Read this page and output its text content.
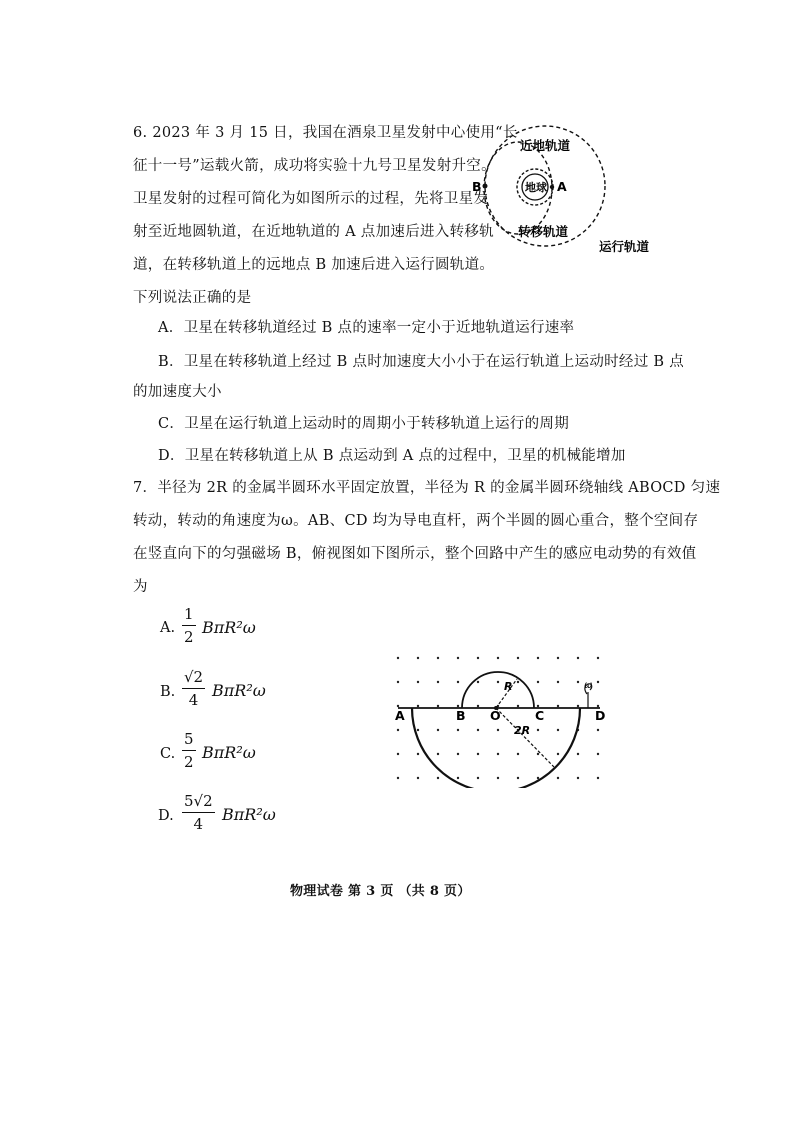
6. 2023 年 3 月 15 日，我国在酒泉卫星发射中心使用“长
征十一号”运载火箭，成功将实验十九号卫星发射升空。
卫星发射的过程可简化为如图所示的过程，先将卫星发
射至近地圆轨道，在近地轨道的 A 点加速后进入转移轨
道，在转移轨道上的远地点 B 加速后进入运行圆轨道。
下列说法正确的是
A．卫星在转移轨道经过 B 点的速率一定小于近地轨道运行速率
B．卫星在转移轨道上经过 B 点时加速度大小小于在运行轨道上运动时经过 B 点
的加速度大小
C．卫星在运行轨道上运动时的周期小于转移轨道上运行的周期
D．卫星在转移轨道上从 B 点运动到 A 点的过程中，卫星的机械能增加
近地轨道
地球 A
B
转移轨道
运行轨道
7．半径为 2R 的金属半圆环水平固定放置，半径为 R 的金属半圆环绕轴线 ABOCD 匀速
转动，转动的角速度为ω。AB、CD 均为导电直杆，两个半圆的圆心重合，整个空间存
在竖直向下的匀强磁场 B，俯视图如下图所示，整个回路中产生的感应电动势的有效值
为
A. $\frac{1}{2} B\pi R^2\omega$
B. $\frac{√2}{4} B\pi R^2\omega$
C. $\frac{5}{2} B\pi R^2\omega$
D. $\frac{5√2}{4} B\pi R^2\omega$
A	B O	C	D
R
2R
ω
物理试卷 第 3 页 （共 8 页）
